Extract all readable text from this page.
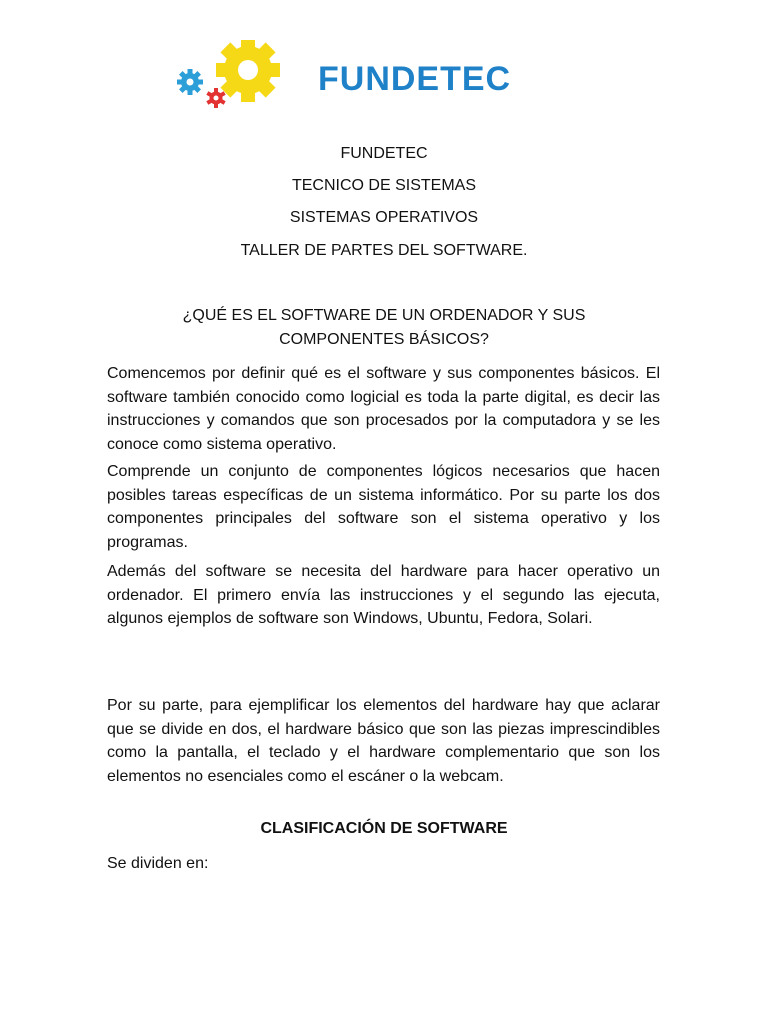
FUNDETEC
FUNDETEC
TECNICO DE SISTEMAS
SISTEMAS OPERATIVOS
TALLER DE PARTES DEL SOFTWARE.
¿QUÉ ES EL SOFTWARE DE UN ORDENADOR Y SUS
COMPONENTES BÁSICOS?
Comencemos por definir qué es el software y sus componentes básicos. El software también conocido como logicial es toda la parte digital, es decir las instrucciones y comandos que son procesados por la computadora y se les conoce como sistema operativo.
Comprende un conjunto de componentes lógicos necesarios que hacen posibles tareas específicas de un sistema informático. Por su parte los dos componentes principales del software son el sistema operativo y los programas.
Además del software se necesita del hardware para hacer operativo un ordenador. El primero envía las instrucciones y el segundo las ejecuta, algunos ejemplos de software son Windows, Ubuntu, Fedora, Solari.
Por su parte, para ejemplificar los elementos del hardware hay que aclarar que se divide en dos, el hardware básico que son las piezas imprescindibles como la pantalla, el teclado y el hardware complementario que son los elementos no esenciales como el escáner o la webcam.
CLASIFICACIÓN DE SOFTWARE
Se dividen en:
